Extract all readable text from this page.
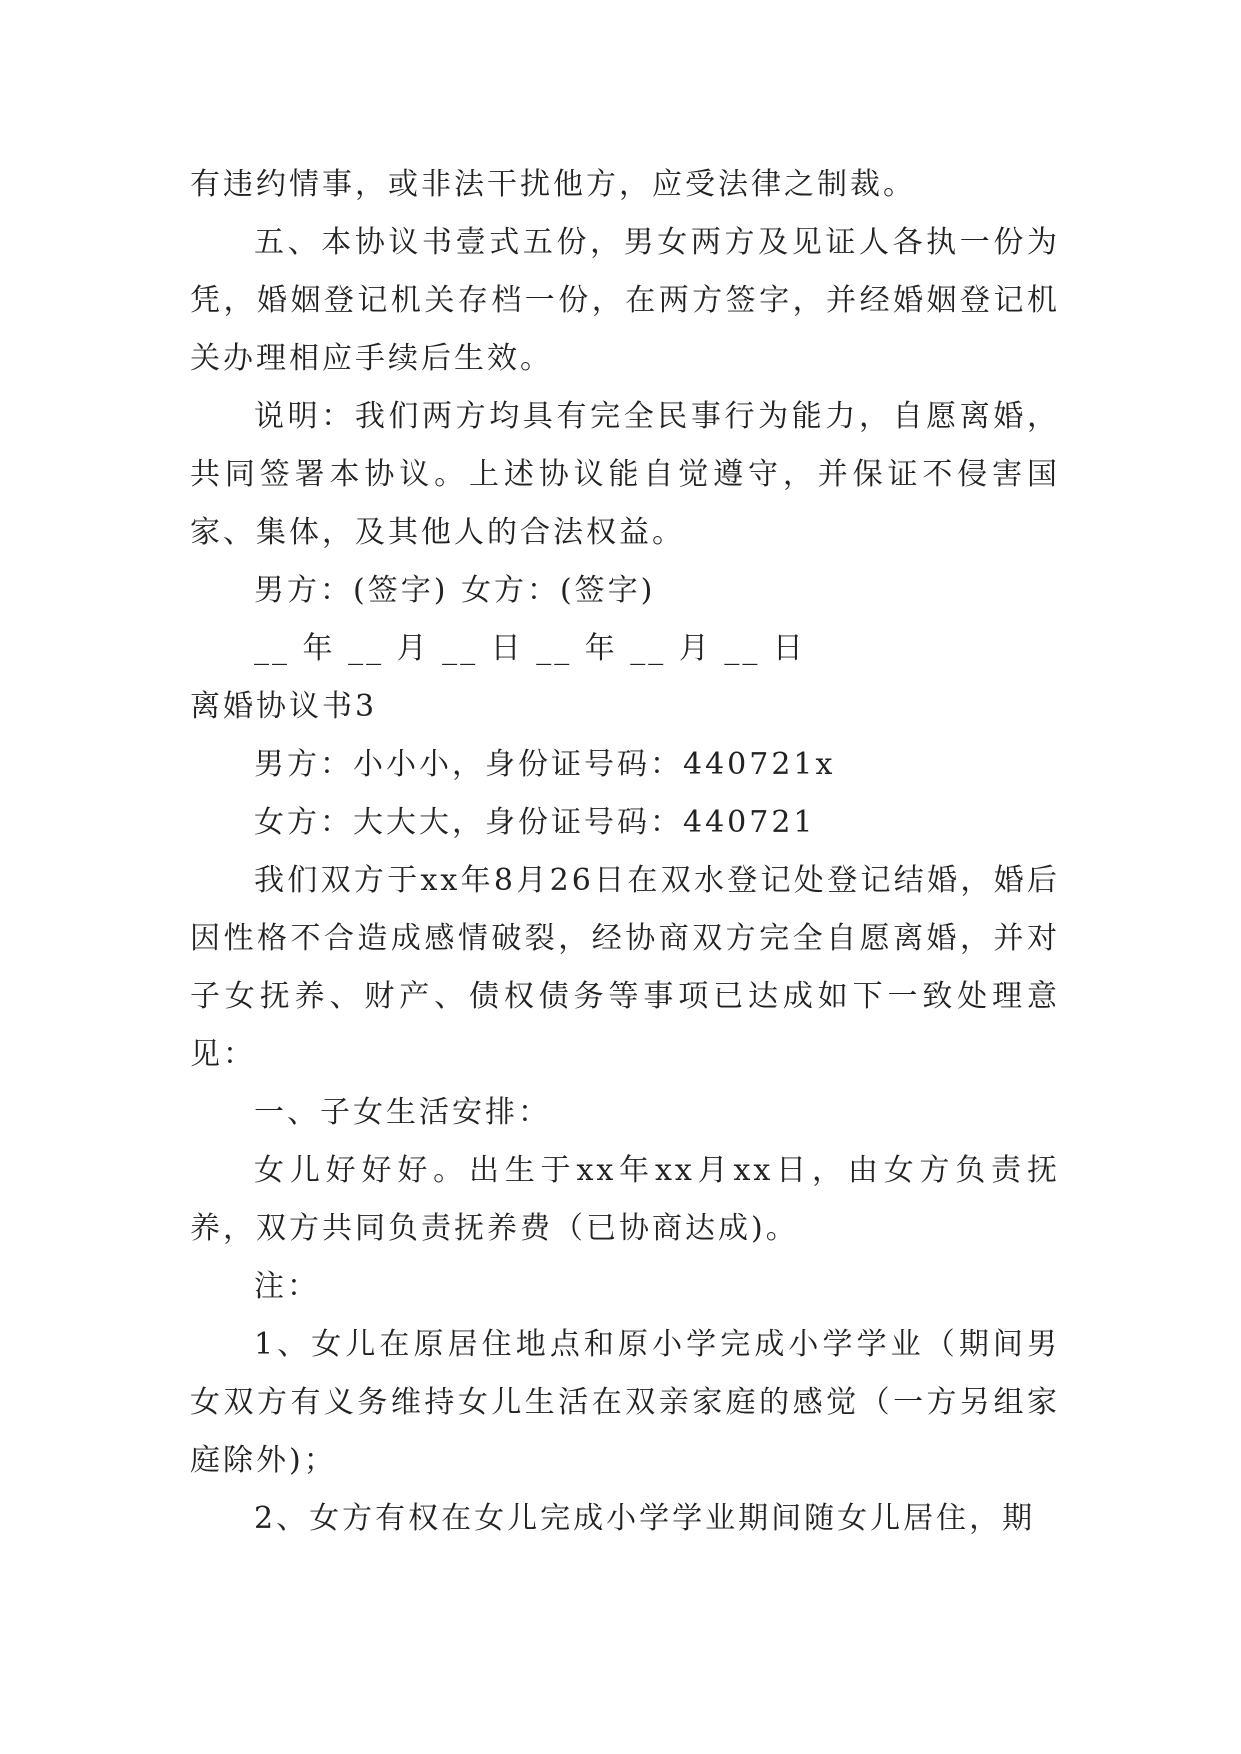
有违约情事，或非法干扰他方，应受法律之制裁。

五、本协议书壹式五份，男女两方及见证人各执一份为凭，婚姻登记机关存档一份，在两方签字，并经婚姻登记机关办理相应手续后生效。

说明：我们两方均具有完全民事行为能力，自愿离婚，共同签署本协议。上述协议能自觉遵守，并保证不侵害国家、集体，及其他人的合法权益。

男方：(签字) 女方：(签字)

__ 年 __ 月 __ 日 __ 年 __ 月 __ 日

离婚协议书3

男方：小小小，身份证号码：440721x

女方：大大大，身份证号码：440721

我们双方于xx年8月26日在双水登记处登记结婚，婚后因性格不合造成感情破裂，经协商双方完全自愿离婚，并对子女抚养、财产、债权债务等事项已达成如下一致处理意见：

一、子女生活安排：

女儿好好好。出生于xx年xx月xx日，由女方负责抚养，双方共同负责抚养费（已协商达成)。

注：

1、女儿在原居住地点和原小学完成小学学业（期间男女双方有义务维持女儿生活在双亲家庭的感觉（一方另组家庭除外)；

2、女方有权在女儿完成小学学业期间随女儿居住，期
